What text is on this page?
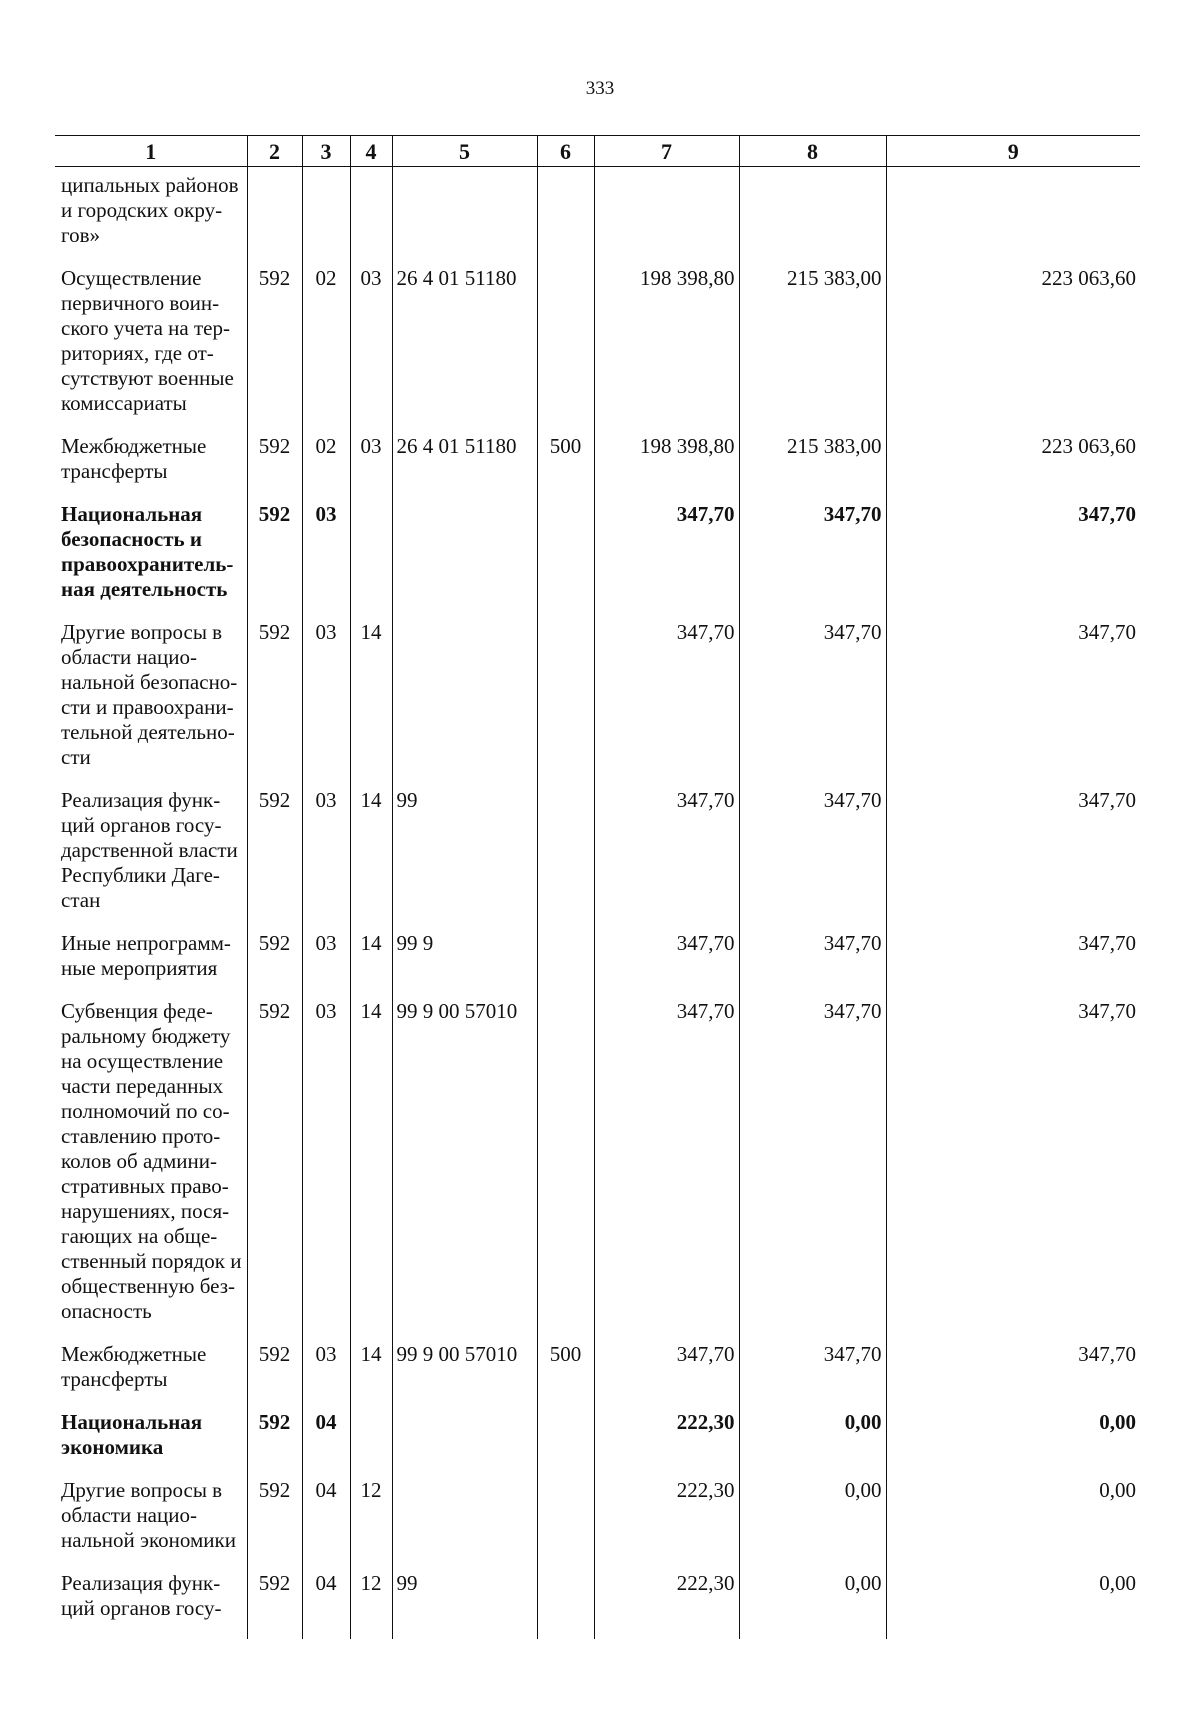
333
1	2	3	4	5	6	7	8	9
ципальных районов и городских окру-гов»								
Осуществление первичного воин-ского учета на тер-риториях, где от-сутствуют военные комиссариаты	592	02	03	26 4 01 51180		198 398,80	215 383,00	223 063,60
Межбюджетные трансферты	592	02	03	26 4 01 51180	500	198 398,80	215 383,00	223 063,60
Национальная безопасность и правоохранитель-ная деятельность	592	03				347,70	347,70	347,70
Другие вопросы в области нацио-нальной безопасно-сти и правоохрани-тельной деятельно-сти	592	03	14			347,70	347,70	347,70
Реализация функ-ций органов госу-дарственной власти Республики Даге-стан	592	03	14	99		347,70	347,70	347,70
Иные непрограмм-ные мероприятия	592	03	14	99 9		347,70	347,70	347,70
Субвенция феде-ральному бюджету на осуществление части переданных полномочий по со-ставлению прото-колов об админи-стративных право-нарушениях, пося-гающих на обще-ственный порядок и общественную без-опасность	592	03	14	99 9 00 57010		347,70	347,70	347,70
Межбюджетные трансферты	592	03	14	99 9 00 57010	500	347,70	347,70	347,70
Национальная экономика	592	04				222,30	0,00	0,00
Другие вопросы в области нацио-нальной экономики	592	04	12			222,30	0,00	0,00
Реализация функ-ций органов госу-	592	04	12	99		222,30	0,00	0,00
